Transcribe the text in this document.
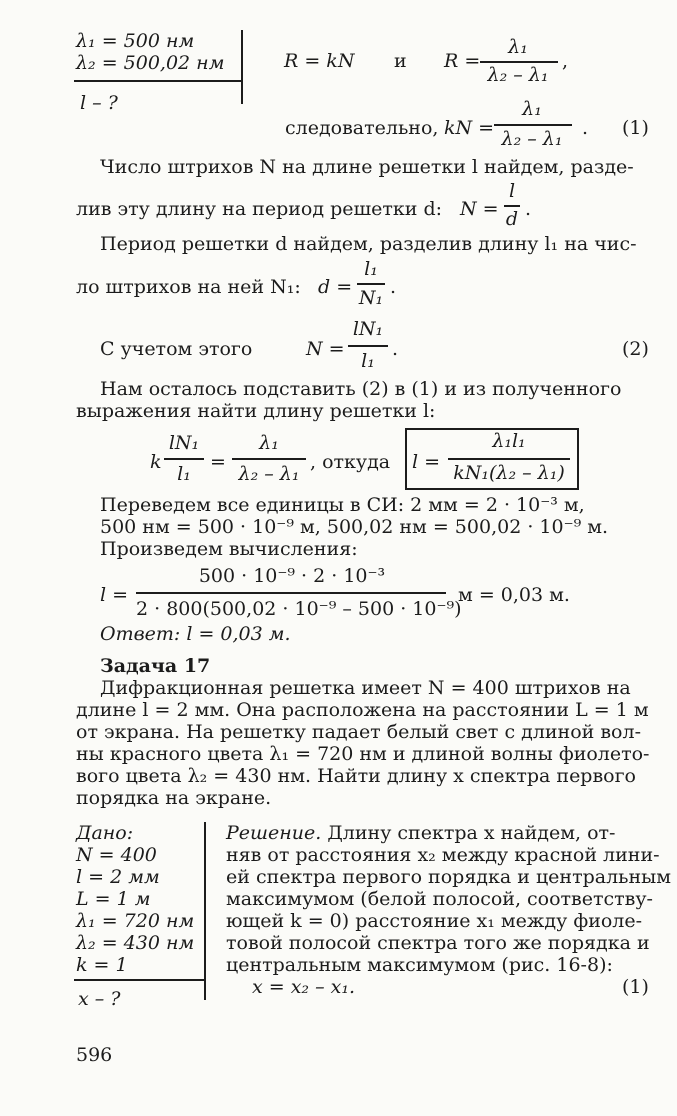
λ₁ = 500 нм
λ₂ = 500,02 нм
l – ?
R = kN и R =
λ₁
λ₂ – λ₁
,
следовательно, kN =
λ₁
λ₂ – λ₁	. (1)
Число штрихов N на длине решетки l найдем, разде-
лив эту длину на период решетки d: N =
l
d .
Период решетки d найдем, разделив длину l₁ на чис-
ло штрихов на ней N₁: d =
l₁
N₁ .
С учетом этого	N =
lN₁
l₁
.	(2)
Нам осталось подставить (2) в (1) и из полученного
выражения найти длину решетки l:
k
lN₁
l₁
=
λ₁
λ₂ – λ₁
, откуда l =
λ₁l₁
kN₁(λ₂ – λ₁)
Переведем все единицы в СИ: 2 мм = 2 · 10⁻³ м,
500 нм = 500 · 10⁻⁹ м, 500,02 нм = 500,02 · 10⁻⁹ м.
Произведем вычисления:
l =
500 · 10⁻⁹ · 2 · 10⁻³
2 · 800(500,02 · 10⁻⁹ – 500 · 10⁻⁹)
м = 0,03 м.
Ответ: l = 0,03 м.
Задача 17
Дифракционная решетка имеет N = 400 штрихов на
длине l = 2 мм. Она расположена на расстоянии L = 1 м
от экрана. На решетку падает белый свет с длиной вол-
ны красного цвета λ₁ = 720 нм и длиной волны фиолето-
вого цвета λ₂ = 430 нм. Найти длину x спектра первого
порядка на экране.
Дано:
N = 400
l = 2 мм
L = 1 м
λ₁ = 720 нм
λ₂ = 430 нм
k = 1
x – ?
Решение. Длину спектра x найдем, от-
няв от расстояния x₂ между красной лини-
ей спектра первого порядка и центральным
максимумом (белой полосой, соответству-
ющей k = 0) расстояние x₁ между фиоле-
товой полосой спектра того же порядка и
центральным максимумом (рис. 16-8):
x = x₂ – x₁.	(1)
596
